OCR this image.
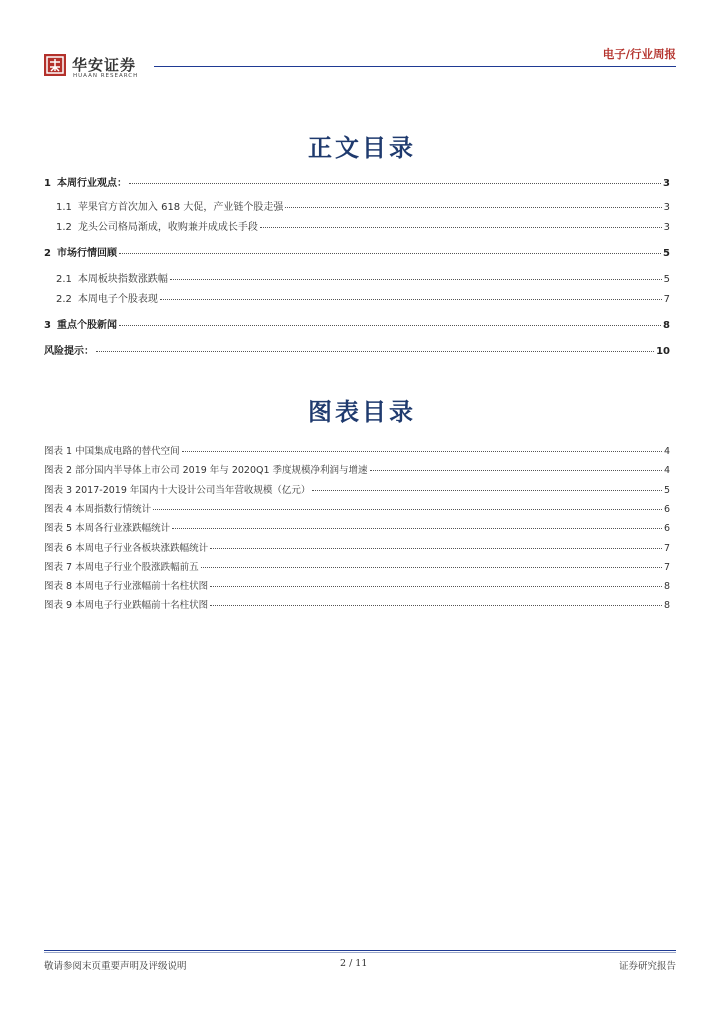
华安证券
HUAAN RESEARCH
电子/行业周报
正文目录
1 本周行业观点：	3
1.1 苹果官方首次加入 618 大促，产业链个股走强	3
1.2 龙头公司格局渐成，收购兼并成成长手段	3
2 市场行情回顾	5
2.1 本周板块指数涨跌幅	5
2.2 本周电子个股表现	7
3 重点个股新闻	8
风险提示：	10
图表目录
图表 1 中国集成电路的替代空间	4
图表 2 部分国内半导体上市公司 2019 年与 2020Q1 季度规模净利润与增速	4
图表 3 2017-2019 年国内十大设计公司当年营收规模（亿元）	5
图表 4 本周指数行情统计	6
图表 5 本周各行业涨跌幅统计	6
图表 6 本周电子行业各板块涨跌幅统计	7
图表 7 本周电子行业个股涨跌幅前五	7
图表 8 本周电子行业涨幅前十名柱状图	8
图表 9 本周电子行业跌幅前十名柱状图	8
敬请参阅末页重要声明及评级说明	2 / 11	证券研究报告
